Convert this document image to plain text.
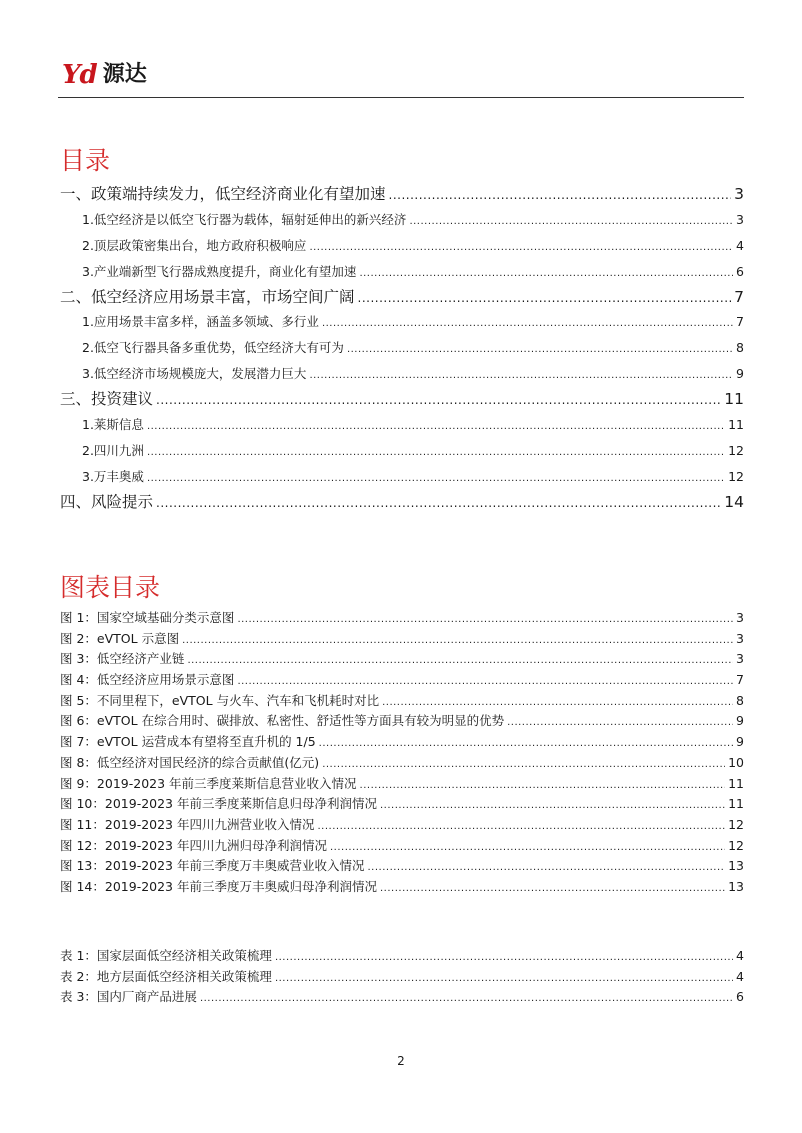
Yd 源达
目录
一、政策端持续发力，低空经济商业化有望加速 .....	3
1.低空经济是以低空飞行器为载体，辐射延伸出的新兴经济 .....	3
2.顶层政策密集出台，地方政府积极响应 .....	4
3.产业端新型飞行器成熟度提升，商业化有望加速 .....	6
二、低空经济应用场景丰富，市场空间广阔 .....	7
1.应用场景丰富多样，涵盖多领域、多行业 .....	7
2.低空飞行器具备多重优势，低空经济大有可为 .....	8
3.低空经济市场规模庞大，发展潜力巨大 .....	9
三、投资建议 .....	11
1.莱斯信息 .....	11
2.四川九洲 .....	12
3.万丰奥威 .....	12
四、风险提示 .....	14
图表目录
图 1：国家空域基础分类示意图 .....	3
图 2：eVTOL 示意图 .....	3
图 3：低空经济产业链 .....	3
图 4：低空经济应用场景示意图 .....	7
图 5：不同里程下，eVTOL 与火车、汽车和飞机耗时对比 .....	8
图 6：eVTOL 在综合用时、碳排放、私密性、舒适性等方面具有较为明显的优势 .....	9
图 7：eVTOL 运营成本有望将至直升机的 1/5 .....	9
图 8：低空经济对国民经济的综合贡献值(亿元) .....	10
图 9：2019-2023 年前三季度莱斯信息营业收入情况 .....	11
图 10：2019-2023 年前三季度莱斯信息归母净利润情况 .....	11
图 11：2019-2023 年四川九洲营业收入情况 .....	12
图 12：2019-2023 年四川九洲归母净利润情况 .....	12
图 13：2019-2023 年前三季度万丰奥威营业收入情况 .....	13
图 14：2019-2023 年前三季度万丰奥威归母净利润情况 .....	13
表 1：国家层面低空经济相关政策梳理 .....	4
表 2：地方层面低空经济相关政策梳理 .....	4
表 3：国内厂商产品进展 .....	6
2
